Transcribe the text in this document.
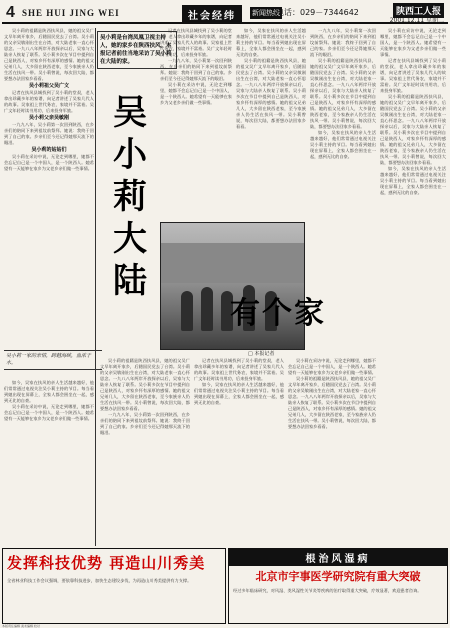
4 SHE HUI JING WEI	社会经纬	新闻热线
电话：029－7344642	陕西工人报
2001.12.11 星期二

吴小莉的祖籍是陕西扶风县，她的祖父吴广文早年离开家乡，后随国民党去了台湾。吴小莉的父亲吴敏刚出生在台湾，对大陆老家一直心怀思念。一九八八年两岸开放探亲以后，吴家与大陆亲人恢复了联系。吴小莉多次在节目中提到自己是陕西人，对家乡怀有深厚的感情。她的祖父兄弟几人，大多留在陕西老家，至今家族亲人仍生活在扶风一带。吴小莉曾说，每次回大陆，都要想办法回家乡看看。

吴小莉祖父吴广文

记者在扶风县城找到了吴小莉的堂叔，老人拿出珍藏多年的家谱，向记者讲述了吴家几代人的故事。吴家祖上世代务农，家境并不富裕。吴广文年轻时读书用功，后来投身军旅。

吴小莉父亲吴敏刚

一九九八年，吴小莉第一次回到陕西，在乡亲们的陪同下来到祖坟前祭拜。她说：我终于回到了自己的家。乡亲们至今还记得她那天流下的眼泪。

吴小莉的姑姑们

吴小莉在采访中说，无论走到哪里，她都不会忘记自己是一个中国人，是一个陕西人。她希望有一天能够在家乡为父老乡亲们做一些事情。

吴小莉是台湾凤凰卫视主持人，她的家乡在陕西扶风。本报记者前往当地采访了吴小莉在大陆的家。
吴
小
莉
大
陆

记者在扶风县城找到了吴小莉的堂叔，老人拿出珍藏多年的家谱，向记者讲述了吴家几代人的故事。吴家祖上世代务农，家境并不富裕。吴广文年轻时读书用功，后来投身军旅。

一九九八年，吴小莉第一次回到陕西，在乡亲们的陪同下来到祖坟前祭拜。她说：我终于回到了自己的家。乡亲们至今还记得她那天流下的眼泪。

吴小莉在采访中说，无论走到哪里，她都不会忘记自己是一个中国人，是一个陕西人。她希望有一天能够在家乡为父老乡亲们做一些事情。

如今，吴家在扶风的亲人生活越来越好，他们常常通过电视关注吴小莉主持的节目。每当看到她出现在屏幕上，全家人都会围坐在一起，感到无比的自豪。

吴小莉的祖籍是陕西扶风县，她的祖父吴广文早年离开家乡，后随国民党去了台湾。吴小莉的父亲吴敏刚出生在台湾，对大陆老家一直心怀思念。一九八八年两岸开放探亲以后，吴家与大陆亲人恢复了联系。吴小莉多次在节目中提到自己是陕西人，对家乡怀有深厚的感情。她的祖父兄弟几人，大多留在陕西老家，至今家族亲人仍生活在扶风一带。吴小莉曾说，每次回大陆，都要想办法回家乡看看。

一九九八年，吴小莉第一次回到陕西，在乡亲们的陪同下来到祖坟前祭拜。她说：我终于回到了自己的家。乡亲们至今还记得她那天流下的眼泪。

吴小莉的祖籍是陕西扶风县，她的祖父吴广文早年离开家乡，后随国民党去了台湾。吴小莉的父亲吴敏刚出生在台湾，对大陆老家一直心怀思念。一九八八年两岸开放探亲以后，吴家与大陆亲人恢复了联系。吴小莉多次在节目中提到自己是陕西人，对家乡怀有深厚的感情。她的祖父兄弟几人，大多留在陕西老家，至今家族亲人仍生活在扶风一带。吴小莉曾说，每次回大陆，都要想办法回家乡看看。

如今，吴家在扶风的亲人生活越来越好，他们常常通过电视关注吴小莉主持的节目。每当看到她出现在屏幕上，全家人都会围坐在一起，感到无比的自豪。

吴小莉在采访中说，无论走到哪里，她都不会忘记自己是一个中国人，是一个陕西人。她希望有一天能够在家乡为父老乡亲们做一些事情。

记者在扶风县城找到了吴小莉的堂叔，老人拿出珍藏多年的家谱，向记者讲述了吴家几代人的故事。吴家祖上世代务农，家境并不富裕。吴广文年轻时读书用功，后来投身军旅。

吴小莉的祖籍是陕西扶风县，她的祖父吴广文早年离开家乡，后随国民党去了台湾。吴小莉的父亲吴敏刚出生在台湾，对大陆老家一直心怀思念。一九八八年两岸开放探亲以后，吴家与大陆亲人恢复了联系。吴小莉多次在节目中提到自己是陕西人，对家乡怀有深厚的感情。她的祖父兄弟几人，大多留在陕西老家，至今家族亲人仍生活在扶风一带。吴小莉曾说，每次回大陆，都要想办法回家乡看看。

如今，吴家在扶风的亲人生活越来越好，他们常常通过电视关注吴小莉主持的节目。每当看到她出现在屏幕上，全家人都会围坐在一起，感到无比的自豪。

有个家
□ 本报记者
吴小莉一家的亲情，跨越海峡，血浓于水。

如今，吴家在扶风的亲人生活越来越好，他们常常通过电视关注吴小莉主持的节目。每当看到她出现在屏幕上，全家人都会围坐在一起，感到无比的自豪。

吴小莉在采访中说，无论走到哪里，她都不会忘记自己是一个中国人，是一个陕西人。她希望有一天能够在家乡为父老乡亲们做一些事情。

吴小莉的祖籍是陕西扶风县，她的祖父吴广文早年离开家乡，后随国民党去了台湾。吴小莉的父亲吴敏刚出生在台湾，对大陆老家一直心怀思念。一九八八年两岸开放探亲以后，吴家与大陆亲人恢复了联系。吴小莉多次在节目中提到自己是陕西人，对家乡怀有深厚的感情。她的祖父兄弟几人，大多留在陕西老家，至今家族亲人仍生活在扶风一带。吴小莉曾说，每次回大陆，都要想办法回家乡看看。

一九九八年，吴小莉第一次回到陕西，在乡亲们的陪同下来到祖坟前祭拜。她说：我终于回到了自己的家。乡亲们至今还记得她那天流下的眼泪。

记者在扶风县城找到了吴小莉的堂叔，老人拿出珍藏多年的家谱，向记者讲述了吴家几代人的故事。吴家祖上世代务农，家境并不富裕。吴广文年轻时读书用功，后来投身军旅。

如今，吴家在扶风的亲人生活越来越好，他们常常通过电视关注吴小莉主持的节目。每当看到她出现在屏幕上，全家人都会围坐在一起，感到无比的自豪。

吴小莉在采访中说，无论走到哪里，她都不会忘记自己是一个中国人，是一个陕西人。她希望有一天能够在家乡为父老乡亲们做一些事情。

吴小莉的祖籍是陕西扶风县，她的祖父吴广文早年离开家乡，后随国民党去了台湾。吴小莉的父亲吴敏刚出生在台湾，对大陆老家一直心怀思念。一九八八年两岸开放探亲以后，吴家与大陆亲人恢复了联系。吴小莉多次在节目中提到自己是陕西人，对家乡怀有深厚的感情。她的祖父兄弟几人，大多留在陕西老家，至今家族亲人仍生活在扶风一带。吴小莉曾说，每次回大陆，都要想办法回家乡看看。

发挥科技优势 再造山川秀美
全省林业科技工作会议强调，要依靠科技进步，加快生态建设步伐，为再造山川秀美提供有力支撑。
根治风湿病
北京市宇事医学研究院有重大突破
经过多年临床研究，对风湿、类风湿性关节炎等疾病的治疗取得重大突破，疗效显著，欢迎患者咨询。
本版责任编辑 美术编辑 校对
